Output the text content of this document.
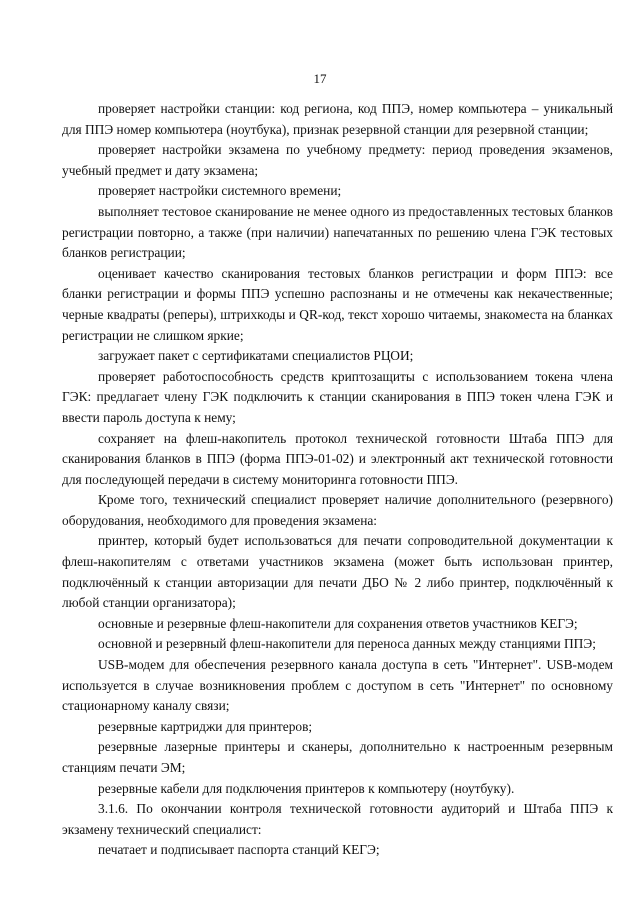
17

проверяет настройки станции: код региона, код ППЭ, номер компьютера – уникальный для ППЭ номер компьютера (ноутбука), признак резервной станции для резервной станции;

проверяет настройки экзамена по учебному предмету: период проведения экзаменов, учебный предмет и дату экзамена;

проверяет настройки системного времени;

выполняет тестовое сканирование не менее одного из предоставленных тестовых бланков регистрации повторно, а также (при наличии) напечатанных по решению члена ГЭК тестовых бланков регистрации;

оценивает качество сканирования тестовых бланков регистрации и форм ППЭ: все бланки регистрации и формы ППЭ успешно распознаны и не отмечены как некачественные; черные квадраты (реперы), штрихкоды и QR-код, текст хорошо читаемы, знакоместа на бланках регистрации не слишком яркие;

загружает пакет с сертификатами специалистов РЦОИ;

проверяет работоспособность средств криптозащиты с использованием токена члена ГЭК: предлагает члену ГЭК подключить к станции сканирования в ППЭ токен члена ГЭК и ввести пароль доступа к нему;

сохраняет на флеш-накопитель протокол технической готовности Штаба ППЭ для сканирования бланков в ППЭ (форма ППЭ-01-02) и электронный акт технической готовности для последующей передачи в систему мониторинга готовности ППЭ.

Кроме того, технический специалист проверяет наличие дополнительного (резервного) оборудования, необходимого для проведения экзамена:

принтер, который будет использоваться для печати сопроводительной документации к флеш-накопителям с ответами участников экзамена (может быть использован принтер, подключённый к станции авторизации для печати ДБО № 2 либо принтер, подключённый к любой станции организатора);

основные и резервные флеш-накопители для сохранения ответов участников КЕГЭ;

основной и резервный флеш-накопители для переноса данных между станциями ППЭ;

USB-модем для обеспечения резервного канала доступа в сеть "Интернет". USB-модем используется в случае возникновения проблем с доступом в сеть "Интернет" по основному стационарному каналу связи;

резервные картриджи для принтеров;

резервные лазерные принтеры и сканеры, дополнительно к настроенным резервным станциям печати ЭМ;

резервные кабели для подключения принтеров к компьютеру (ноутбуку).

3.1.6. По окончании контроля технической готовности аудиторий и Штаба ППЭ к экзамену технический специалист:

печатает и подписывает паспорта станций КЕГЭ;
